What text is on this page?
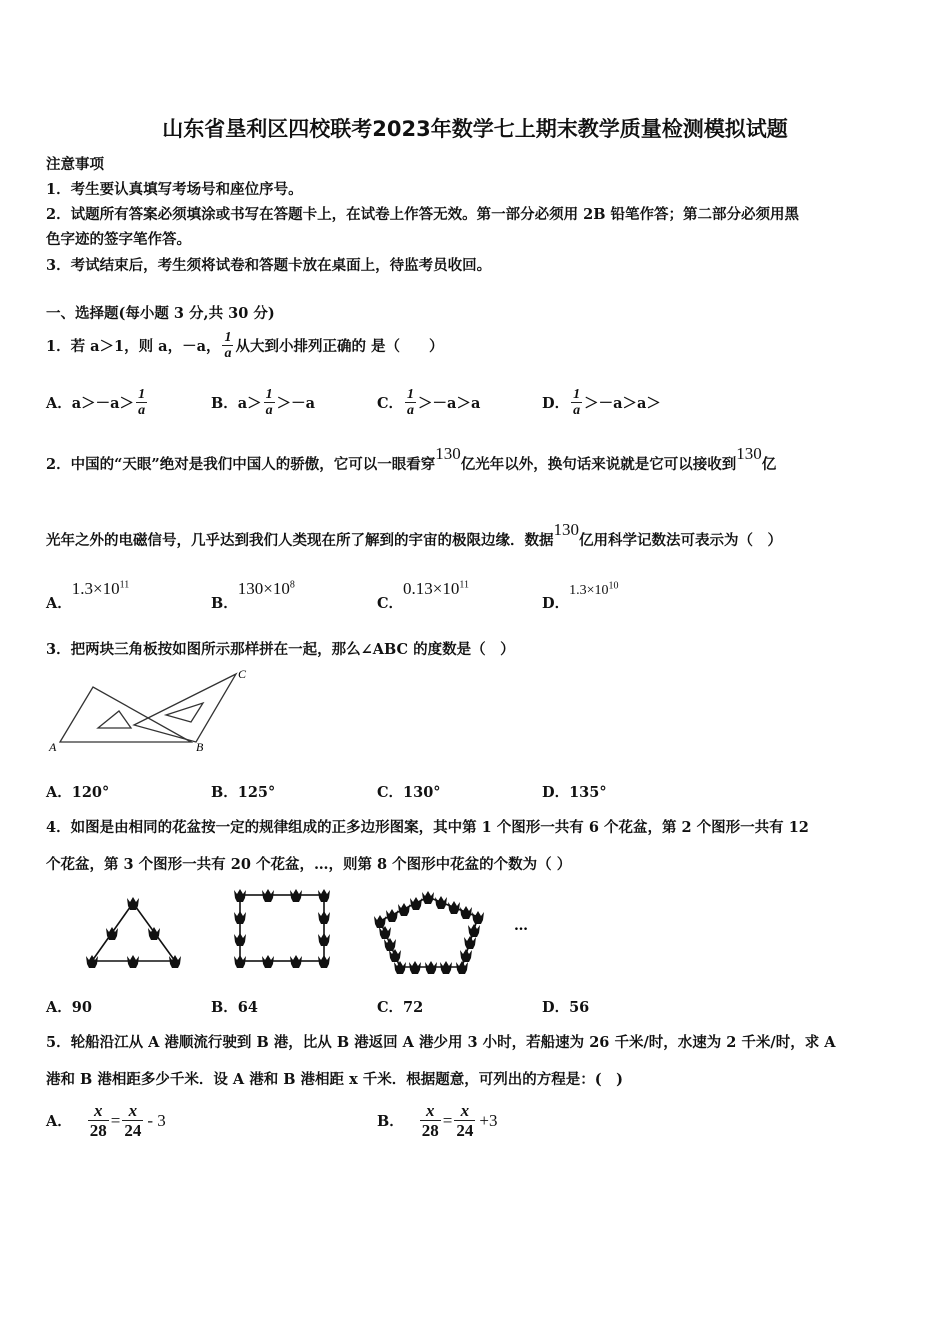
山东省垦利区四校联考2023年数学七上期末教学质量检测模拟试题
注意事项
1．考生要认真填写考场号和座位序号。
2．试题所有答案必须填涂或书写在答题卡上，在试卷上作答无效。第一部分必须用 2B 铅笔作答；第二部分必须用黑
色字迹的签字笔作答。
3．考试结束后，考生须将试卷和答题卡放在桌面上，待监考员收回。
一、选择题(每小题 3 分,共 30 分)
1．若 a＞1，则 a，－a， $\frac{1}{a}$ 从大到小排列正确的 是（　　）
A． $a>-a> \frac{1}{a}$	B． $a> \frac{1}{a} >-a$	C． $\frac{1}{a} >-a>a$	D． $\frac{1}{a} >-a>a>$
2．中国的“天眼”绝对是我们中国人的骄傲，它可以一眼看穿130亿光年以外，换句话来说就是它可以接收到130亿
光年之外的电磁信号，几乎达到我们人类现在所了解到的宇宙的极限边缘．数据130亿用科学记数法可表示为（　）
A．$1.3\times 10^{11}$
B．$130\times 10^8$
C．$0.13\times 10^{11}$
D．$1.3\times 10^{10}$
3．把两块三角板按如图所示那样拼在一起，那么∠ABC 的度数是（　）
A	B
C
A．120°	B．125°	C．130°	D．135°
4．如图是由相同的花盆按一定的规律组成的正多边形图案，其中第 1 个图形一共有 6 个花盆，第 2 个图形一共有 12
个花盆，第 3 个图形一共有 20 个花盆，…，则第 8 个图形中花盆的个数为（ ）
…
A．90	B．64	C．72	D．56
5．轮船沿江从 A 港顺流行驶到 B 港，比从 B 港返回 A 港少用 3 小时，若船速为 26 千米/时，水速为 2 千米/时，求 A
港和 B 港相距多少千米．设 A 港和 B 港相距 x 千米．根据题意，可列出的方程是：(　)
A． $\frac{x}{28} = \frac{x}{24} - 3$	B． $\frac{x}{28} = \frac{x}{24} +3$
